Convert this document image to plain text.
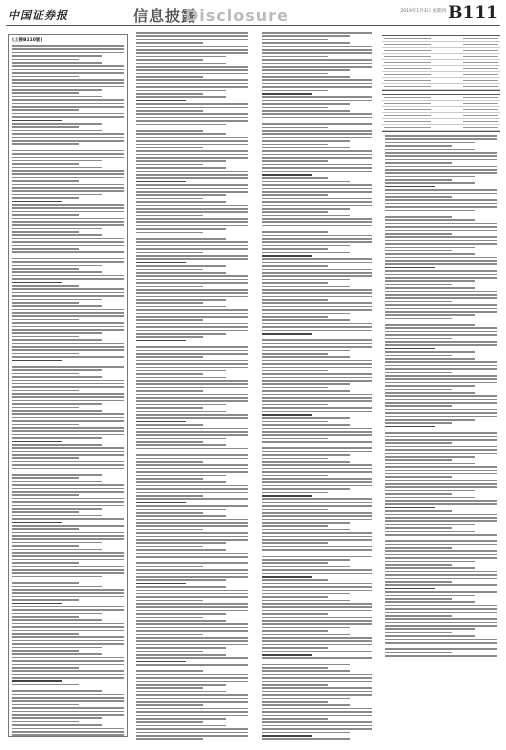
中国证券报	信息披露
Disclosure	2019年1月3日 星期四 B111
(上接B110版)
